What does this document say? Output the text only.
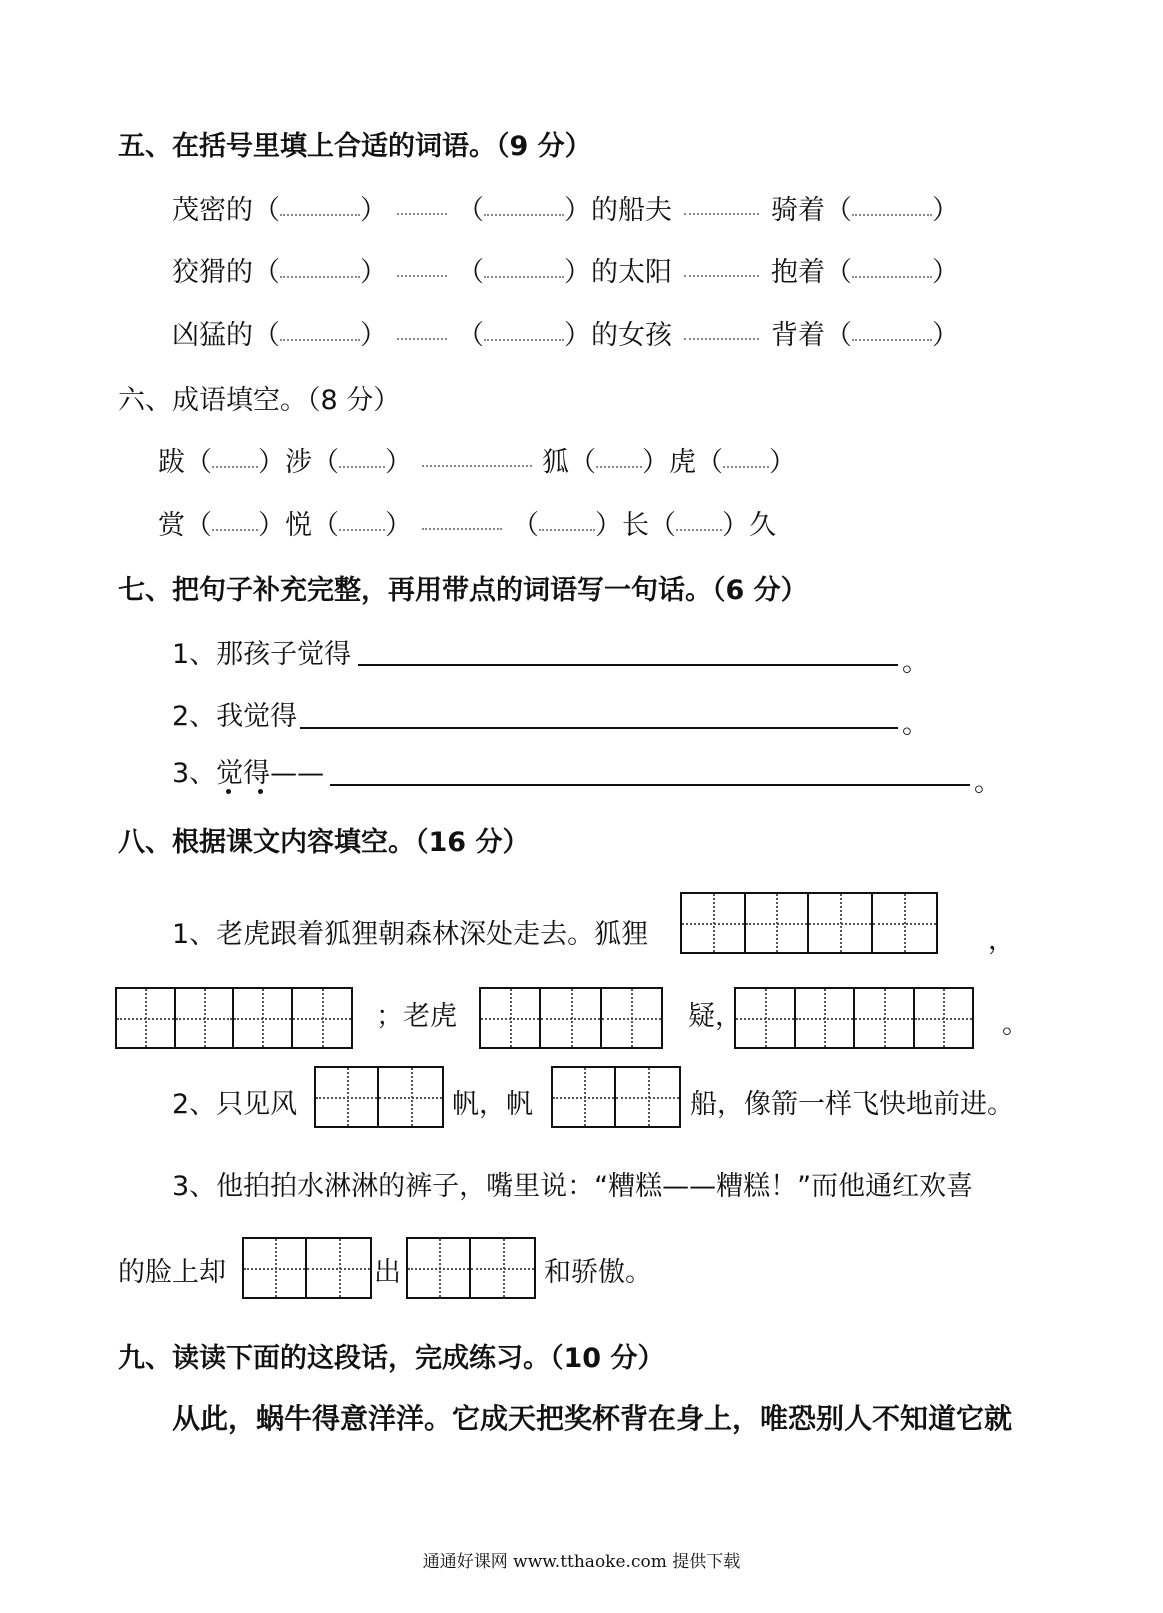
五、在括号里填上合适的词语。（9 分）
茂密的（	）	（	）的船夫	骑着（	）
狡猾的（	）	（	）的太阳	抱着（	）
凶猛的（	）	（	）的女孩	背着（	）
六、成语填空。（8 分）
跋（ ）涉（ ）	狐（ ）虎（ ）
赏（ ）悦（ ）	（ ）长（ ）久
七、把句子补充完整，再用带点的词语写一句话。（6 分）
1、那孩子觉得	。
2、我觉得	。
3、觉得——	。
八、根据课文内容填空。（16 分）
1、老虎跟着狐狸朝森林深处走去。狐狸	，
；老虎	疑，	。
2、只见风	帆，帆	船，像箭一样飞快地前进。
3、他拍拍水淋淋的裤子，嘴里说：“糟糕——糟糕！”而他通红欢喜
的脸上却	出	和骄傲。
九、读读下面的这段话，完成练习。（10 分）
从此，蜗牛得意洋洋。它成天把奖杯背在身上，唯恐别人不知道它就
通通好课网 www.tthaoke.com 提供下载
